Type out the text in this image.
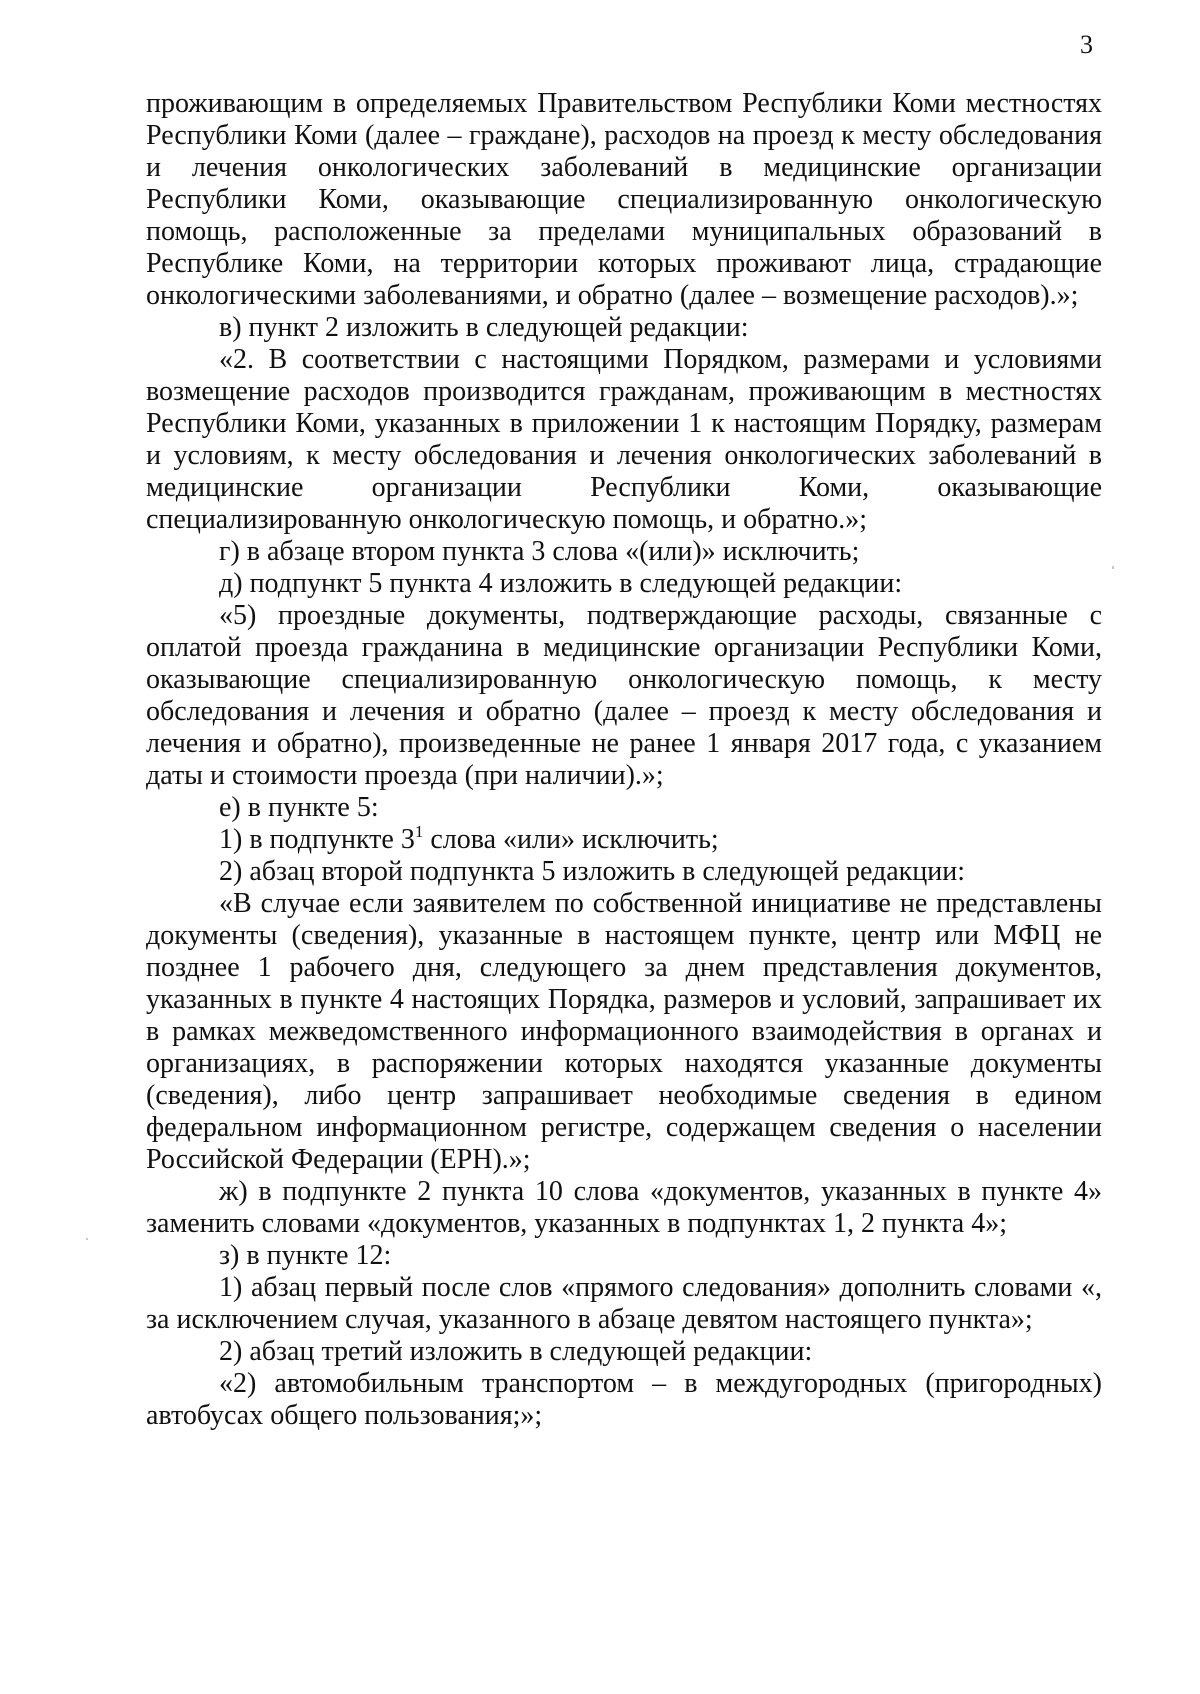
3

проживающим в определяемых Правительством Республики Коми местностях Республики Коми (далее – граждане), расходов на проезд к месту обследования и лечения онкологических заболеваний в медицинские организации Республики Коми, оказывающие специализированную онкологическую помощь, расположенные за пределами муниципальных образований в Республике Коми, на территории которых проживают лица, страдающие онкологическими заболеваниями, и обратно (далее – возмещение расходов).»;

в) пункт 2 изложить в следующей редакции:

«2. В соответствии с настоящими Порядком, размерами и условиями возмещение расходов производится гражданам, проживающим в местностях Республики Коми, указанных в приложении 1 к настоящим Порядку, размерам и условиям, к месту обследования и лечения онкологических заболеваний в медицинские организации Республики Коми, оказывающие специализированную онкологическую помощь, и обратно.»;

г) в абзаце втором пункта 3 слова «(или)» исключить;

д) подпункт 5 пункта 4 изложить в следующей редакции:

«5) проездные документы, подтверждающие расходы, связанные с оплатой проезда гражданина в медицинские организации Республики Коми, оказывающие специализированную онкологическую помощь, к месту обследования и лечения и обратно (далее – проезд к месту обследования и лечения и обратно), произведенные не ранее 1 января 2017 года, с указанием даты и стоимости проезда (при наличии).»;

е) в пункте 5:

1) в подпункте $3^1$ слова «или» исключить;

2) абзац второй подпункта 5 изложить в следующей редакции:

«В случае если заявителем по собственной инициативе не представлены документы (сведения), указанные в настоящем пункте, центр или МФЦ не позднее 1 рабочего дня, следующего за днем представления документов, указанных в пункте 4 настоящих Порядка, размеров и условий, запрашивает их в рамках межведомственного информационного взаимодействия в органах и организациях, в распоряжении которых находятся указанные документы (сведения), либо центр запрашивает необходимые сведения в едином федеральном информационном регистре, содержащем сведения о населении Российской Федерации (ЕРН).»;

ж) в подпункте 2 пункта 10 слова «документов, указанных в пункте 4» заменить словами «документов, указанных в подпунктах 1, 2 пункта 4»;

з) в пункте 12:

1) абзац первый после слов «прямого следования» дополнить словами «, за исключением случая, указанного в абзаце девятом настоящего пункта»;

2) абзац третий изложить в следующей редакции:

«2) автомобильным транспортом – в междугородных (пригородных) автобусах общего пользования;»;
